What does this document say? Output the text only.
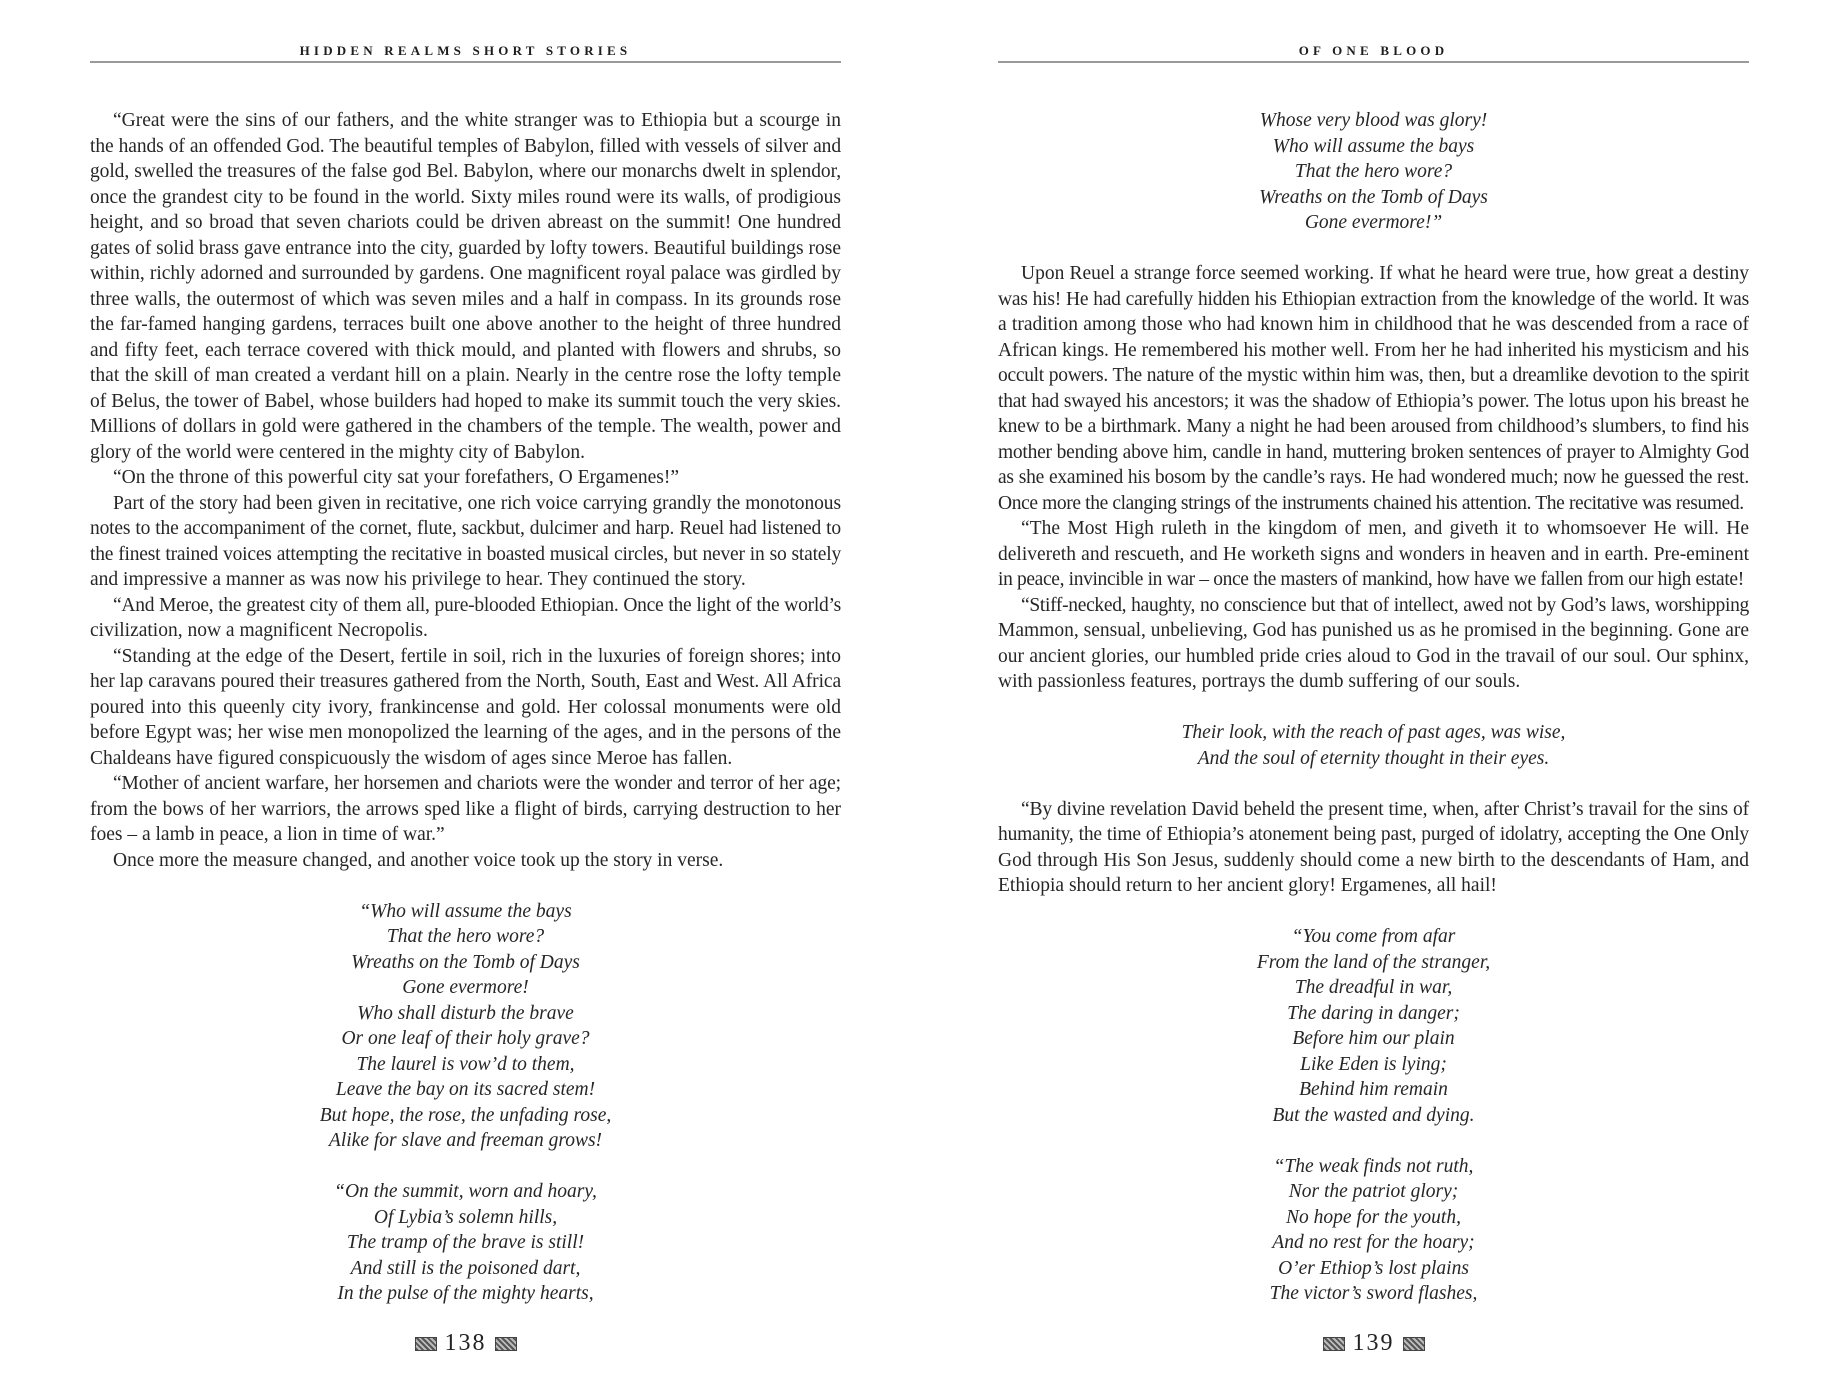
HIDDEN REALMS SHORT STORIES
“Great were the sins of our fathers, and the white stranger was to Ethiopia but a scourge in
the hands of an offended God. The beautiful temples of Babylon, filled with vessels of silver and
gold, swelled the treasures of the false god Bel. Babylon, where our monarchs dwelt in splendor,
once the grandest city to be found in the world. Sixty miles round were its walls, of prodigious
height, and so broad that seven chariots could be driven abreast on the summit! One hundred
gates of solid brass gave entrance into the city, guarded by lofty towers. Beautiful buildings rose
within, richly adorned and surrounded by gardens. One magnificent royal palace was girdled by
three walls, the outermost of which was seven miles and a half in compass. In its grounds rose
the far-famed hanging gardens, terraces built one above another to the height of three hundred
and fifty feet, each terrace covered with thick mould, and planted with flowers and shrubs, so
that the skill of man created a verdant hill on a plain. Nearly in the centre rose the lofty temple
of Belus, the tower of Babel, whose builders had hoped to make its summit touch the very skies.
Millions of dollars in gold were gathered in the chambers of the temple. The wealth, power and
glory of the world were centered in the mighty city of Babylon.
“On the throne of this powerful city sat your forefathers, O Ergamenes!”
Part of the story had been given in recitative, one rich voice carrying grandly the monotonous
notes to the accompaniment of the cornet, flute, sackbut, dulcimer and harp. Reuel had listened to
the finest trained voices attempting the recitative in boasted musical circles, but never in so stately
and impressive a manner as was now his privilege to hear. They continued the story.
“And Meroe, the greatest city of them all, pure-blooded Ethiopian. Once the light of the world’s
civilization, now a magnificent Necropolis.
“Standing at the edge of the Desert, fertile in soil, rich in the luxuries of foreign shores; into
her lap caravans poured their treasures gathered from the North, South, East and West. All Africa
poured into this queenly city ivory, frankincense and gold. Her colossal monuments were old
before Egypt was; her wise men monopolized the learning of the ages, and in the persons of the
Chaldeans have figured conspicuously the wisdom of ages since Meroe has fallen.
“Mother of ancient warfare, her horsemen and chariots were the wonder and terror of her age;
from the bows of her warriors, the arrows sped like a flight of birds, carrying destruction to her
foes – a lamb in peace, a lion in time of war.”
Once more the measure changed, and another voice took up the story in verse.
“Who will assume the bays
That the hero wore?
Wreaths on the Tomb of Days
Gone evermore!
Who shall disturb the brave
Or one leaf of their holy grave?
The laurel is vow’d to them,
Leave the bay on its sacred stem!
But hope, the rose, the unfading rose,
Alike for slave and freeman grows!
“On the summit, worn and hoary,
Of Lybia’s solemn hills,
The tramp of the brave is still!
And still is the poisoned dart,
In the pulse of the mighty hearts,
138
OF ONE BLOOD
Whose very blood was glory!
Who will assume the bays
That the hero wore?
Wreaths on the Tomb of Days
Gone evermore!”
Upon Reuel a strange force seemed working. If what he heard were true, how great a destiny
was his! He had carefully hidden his Ethiopian extraction from the knowledge of the world. It was
a tradition among those who had known him in childhood that he was descended from a race of
African kings. He remembered his mother well. From her he had inherited his mysticism and his
occult powers. The nature of the mystic within him was, then, but a dreamlike devotion to the spirit
that had swayed his ancestors; it was the shadow of Ethiopia’s power. The lotus upon his breast he
knew to be a birthmark. Many a night he had been aroused from childhood’s slumbers, to find his
mother bending above him, candle in hand, muttering broken sentences of prayer to Almighty God
as she examined his bosom by the candle’s rays. He had wondered much; now he guessed the rest.
Once more the clanging strings of the instruments chained his attention. The recitative was resumed.
“The Most High ruleth in the kingdom of men, and giveth it to whomsoever He will. He
delivereth and rescueth, and He worketh signs and wonders in heaven and in earth. Pre-eminent
in peace, invincible in war – once the masters of mankind, how have we fallen from our high estate!
“Stiff-necked, haughty, no conscience but that of intellect, awed not by God’s laws, worshipping
Mammon, sensual, unbelieving, God has punished us as he promised in the beginning. Gone are
our ancient glories, our humbled pride cries aloud to God in the travail of our soul. Our sphinx,
with passionless features, portrays the dumb suffering of our souls.
Their look, with the reach of past ages, was wise,
And the soul of eternity thought in their eyes.
“By divine revelation David beheld the present time, when, after Christ’s travail for the sins of
humanity, the time of Ethiopia’s atonement being past, purged of idolatry, accepting the One Only
God through His Son Jesus, suddenly should come a new birth to the descendants of Ham, and
Ethiopia should return to her ancient glory! Ergamenes, all hail!
“You come from afar
From the land of the stranger,
The dreadful in war,
The daring in danger;
Before him our plain
Like Eden is lying;
Behind him remain
But the wasted and dying.
“The weak finds not ruth,
Nor the patriot glory;
No hope for the youth,
And no rest for the hoary;
O’er Ethiop’s lost plains
The victor’s sword flashes,
139
